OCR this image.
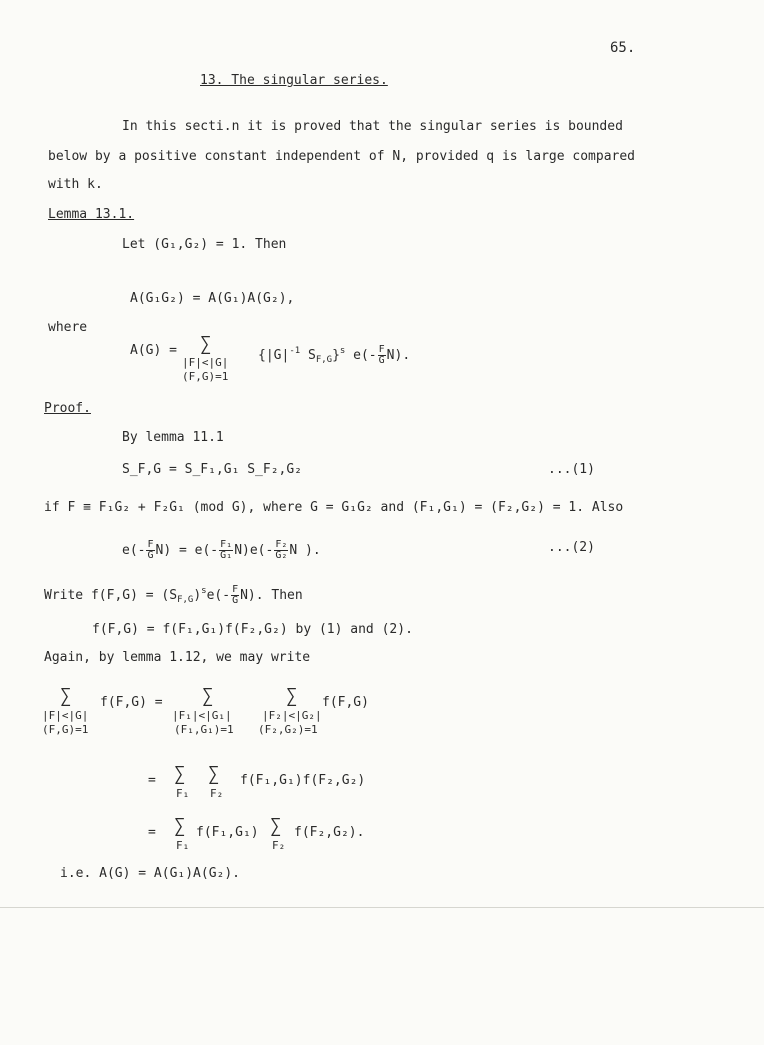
65.
13. The singular series.
In this secti.n it is proved that the singular series is bounded
below by a positive constant independent of N, provided q is large compared
with k.
Lemma 13.1.
Let (G₁,G₂) = 1. Then
A(G₁G₂) = A(G₁)A(G₂),
where
A(G) = ∑
|F|<|G|
(F,G)=1
{$|G|^{-1}$ $S_{F,G}\}^s$ $e(- \frac{F}{G} N)$.
Proof.
By lemma 11.1
S_F,G = S_F₁,G₁ S_F₂,G₂	...(1)
if F ≡ F₁G₂ + F₂G₁ (mod G), where G = G₁G₂ and (F₁,G₁) = (F₂,G₂) = 1. Also
$e(- \frac{F}{G} N) = e(- \frac{\text{F₁}}{\text{G₁}} N)e(- \frac{\text{F₂}}{\text{G₂}}$ N ).	...(2)
Write $f(F,G) = (S_{F,G})^se(- \frac{F}{G} N)$. Then
f(F,G) = f(F₁,G₁)f(F₂,G₂) by (1) and (2).
Again, by lemma 1.12, we may write
∑
|F|<|G|
(F,G)=1
f(F,G) = ∑
|F₁|<|G₁|
(F₁,G₁)=1
∑
|F₂|<|G₂|
(F₂,G₂)=1
f(F,G)
= ∑
F₁
∑
F₂
f(F₁,G₁)f(F₂,G₂)
= ∑
F₁
f(F₁,G₁) ∑
F₂
f(F₂,G₂).
i.e. A(G) = A(G₁)A(G₂).
